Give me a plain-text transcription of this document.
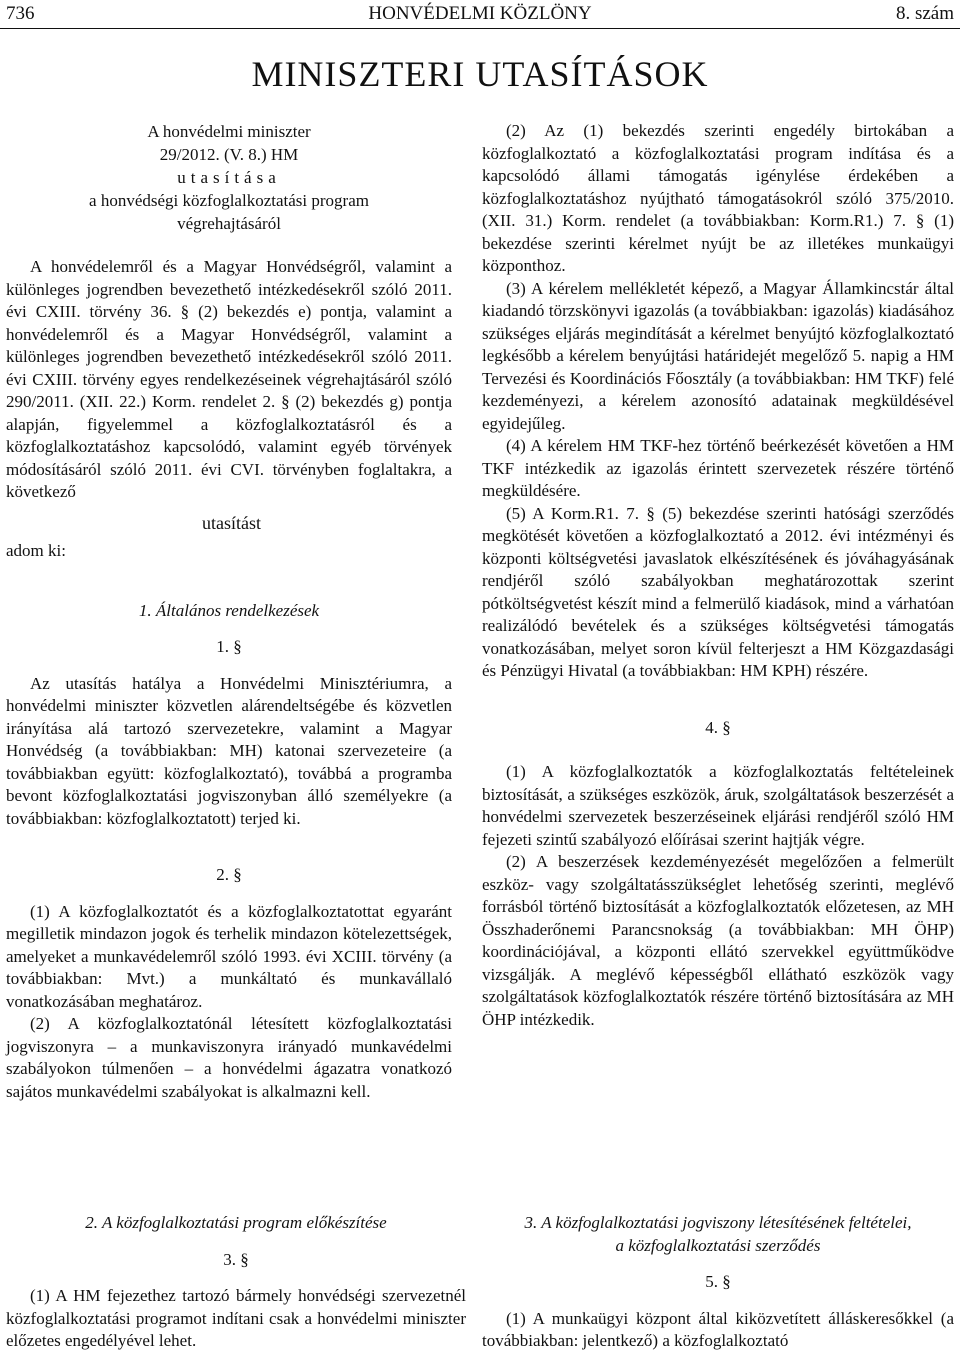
736	HONVÉDELMI KÖZLÖNY	8. szám
MINISZTERI UTASÍTÁSOK
A honvédelmi miniszter
29/2012. (V. 8.) HM
utasítása
a honvédségi közfoglalkoztatási program
végrehajtásáról

A honvédelemről és a Magyar Honvédségről, valamint a különleges jogrendben bevezethető intézkedésekről szóló 2011. évi CXIII. törvény 36. § (2) bekezdés e) pontja, valamint a honvédelemről és a Magyar Honvédségről, valamint a különleges jogrendben bevezethető intézkedésekről szóló 2011. évi CXIII. törvény egyes rendelkezéseinek végrehajtásáról szóló 290/2011. (XII. 22.) Korm. rendelet 2. § (2) bekezdés g) pontja alapján, figyelemmel a közfoglalkoztatásról és a közfoglalkoztatáshoz kapcsolódó, valamint egyéb törvények módosításáról szóló 2011. évi CVI. törvényben foglaltakra, a következő

utasítást
adom ki:

1. Általános rendelkezések

1. §

Az utasítás hatálya a Honvédelmi Minisztériumra, a honvédelmi miniszter közvetlen alárendeltségébe és közvetlen irányítása alá tartozó szervezetekre, valamint a Magyar Honvédség (a továbbiakban: MH) katonai szervezeteire (a továbbiakban együtt: közfoglalkoztató), továbbá a programba bevont közfoglalkoztatási jogviszonyban álló személyekre (a továbbiakban: közfoglalkoztatott) terjed ki.

2. §

(1) A közfoglalkoztatót és a közfoglalkoztatottat egyaránt megilletik mindazon jogok és terhelik mindazon kötelezettségek, amelyeket a munkavédelemről szóló 1993. évi XCIII. törvény (a továbbiakban: Mvt.) a munkáltató és munkavállaló vonatkozásában meghatároz.

(2) A közfoglalkoztatónál létesített közfoglalkoztatási jogviszonyra – a munkaviszonyra irányadó munkavédelmi szabályokon túlmenően – a honvédelmi ágazatra vonatkozó sajátos munkavédelmi szabályokat is alkalmazni kell.

2. A közfoglalkoztatási program előkészítése

3. §

(1) A HM fejezethez tartozó bármely honvédségi szervezetnél közfoglalkoztatási programot indítani csak a honvédelmi miniszter előzetes engedélyével lehet.

(2) Az (1) bekezdés szerinti engedély birtokában a közfoglalkoztató a közfoglalkoztatási program indítása és a kapcsolódó állami támogatás igénylése érdekében a közfoglalkoztatáshoz nyújtható támogatásokról szóló 375/2010. (XII. 31.) Korm. rendelet (a továbbiakban: Korm.R1.) 7. § (1) bekezdése szerinti kérelmet nyújt be az illetékes munkaügyi központhoz.

(3) A kérelem mellékletét képező, a Magyar Államkincstár által kiadandó törzskönyvi igazolás (a továbbiakban: igazolás) kiadásához szükséges eljárás megindítását a kérelmet benyújtó közfoglalkoztató legkésőbb a kérelem benyújtási határidejét megelőző 5. napig a HM Tervezési és Koordinációs Főosztály (a továbbiakban: HM TKF) felé kezdeményezi, a kérelem azonosító adatainak megküldésével egyidejűleg.

(4) A kérelem HM TKF-hez történő beérkezését követően a HM TKF intézkedik az igazolás érintett szervezetek részére történő megküldésére.

(5) A Korm.R1. 7. § (5) bekezdése szerinti hatósági szerződés megkötését követően a közfoglalkoztató a 2012. évi intézményi és központi költségvetési javaslatok elkészítésének és jóváhagyásának rendjéről szóló szabályokban meghatározottak szerint pótköltségvetést készít mind a felmerülő kiadások, mind a várhatóan realizálódó bevételek és a szükséges költségvetési támogatás vonatkozásában, melyet soron kívül felterjeszt a HM Közgazdasági és Pénzügyi Hivatal (a továbbiakban: HM KPH) részére.

4. §

(1) A közfoglalkoztatók a közfoglalkoztatás feltételeinek biztosítását, a szükséges eszközök, áruk, szolgáltatások beszerzését a honvédelmi szervezetek beszerzéseinek eljárási rendjéről szóló HM fejezeti szintű szabályozó előírásai szerint hajtják végre.

(2) A beszerzések kezdeményezését megelőzően a felmerült eszköz- vagy szolgáltatásszükséglet lehetőség szerinti, meglévő forrásból történő biztosítását a közfoglalkoztatók előzetesen, az MH Összhaderőnemi Parancsnokság (a továbbiakban: MH ÖHP) koordinációjával, a központi ellátó szervekkel együttműködve vizsgálják. A meglévő képességből ellátható eszközök vagy szolgáltatások közfoglalkoztatók részére történő biztosítására az MH ÖHP intézkedik.

3. A közfoglalkoztatási jogviszony létesítésének feltételei,

a közfoglalkoztatási szerződés

5. §

(1) A munkaügyi központ által kiközvetített álláskeresőkkel (a továbbiakban: jelentkező) a közfoglalkoztató
